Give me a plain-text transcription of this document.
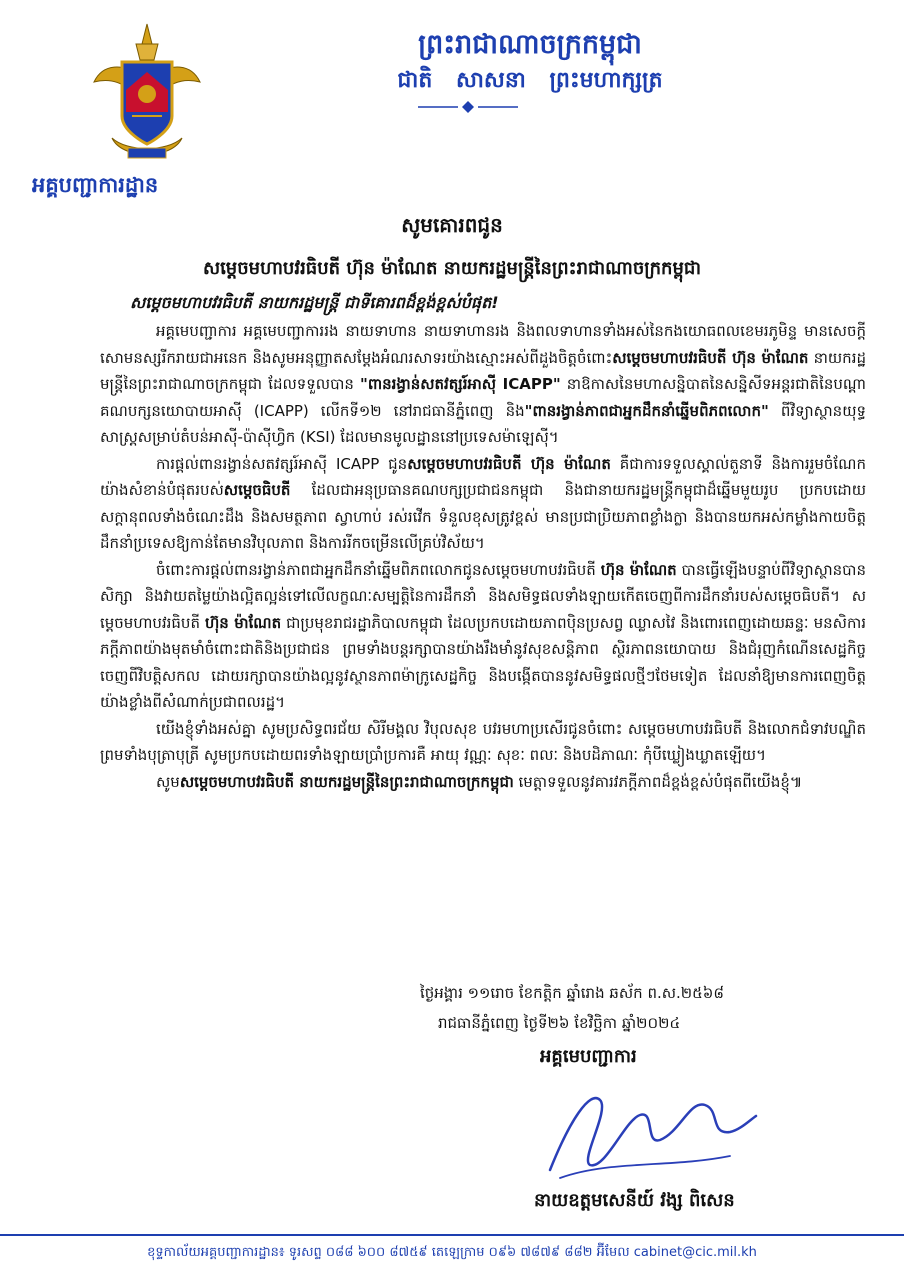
អគ្គបញ្ជាការដ្ឋាន
ព្រះរាជាណាចក្រកម្ពុជា
ជាតិ សាសនា ព្រះមហាក្សត្រ
សូមគោរពជូន
សម្តេចមហាបវរធិបតី ហ៊ុន ម៉ាណែត នាយករដ្ឋមន្ត្រីនៃព្រះរាជាណាចក្រកម្ពុជា
សម្តេចមហាបវរធិបតី នាយករដ្ឋមន្ត្រី ជាទីគោរពដ៏ខ្ពង់ខ្ពស់បំផុត!

អគ្គមេបញ្ជាការ អគ្គមេបញ្ជាការរង នាយទាហាន នាយទាហានរង និងពលទាហានទាំងអស់នៃកងយោធពលខេមរភូមិន្ទ មានសេចក្តីសោមនស្សរីករាយជាអនេក និងសូមអនុញ្ញាតសម្តែងអំណរសាទរយ៉ាងស្មោះអស់ពីដួងចិត្តចំពោះសម្តេចមហាបវរធិបតី ហ៊ុន ម៉ាណែត នាយករដ្ឋមន្ត្រីនៃព្រះរាជាណាចក្រកម្ពុជា ដែលទទួលបាន "ពានរង្វាន់សតវត្សរ៍អាស៊ី ICAPP" នាឱកាសនៃមហាសន្និបាតនៃសន្និសីទអន្តរជាតិនៃបណ្តាគណបក្សនយោបាយអាស៊ី (ICAPP) លើកទី១២ នៅរាជធានីភ្នំពេញ និង"ពានរង្វាន់ភាពជាអ្នកដឹកនាំឆ្នើមពិភពលោក" ពីវិទ្យាស្ថានយុទ្ធសាស្ត្រសម្រាប់តំបន់អាស៊ី-ប៉ាស៊ីហ្វិក (KSI) ដែលមានមូលដ្ឋាននៅប្រទេសម៉ាឡេស៊ី។

ការផ្តល់ពានរង្វាន់សតវត្សរ៍អាស៊ី ICAPP ជូនសម្តេចមហាបវរធិបតី ហ៊ុន ម៉ាណែត គឺជាការទទួលស្គាល់តួនាទី និងការរួមចំណែកយ៉ាងសំខាន់បំផុតរបស់សម្តេចធិបតី ដែលជាអនុប្រធានគណបក្សប្រជាជនកម្ពុជា និងជានាយករដ្ឋមន្ត្រីកម្ពុជាដ៏ឆ្នើមមួយរូប ប្រកបដោយសក្តានុពលទាំងចំណេះដឹង និងសមត្ថភាព ស្វាហាប់ រស់រវើក ទំនួលខុសត្រូវខ្ពស់ មានប្រជាប្រិយភាពខ្លាំងក្លា និងបានយកអស់កម្លាំងកាយចិត្ត ដឹកនាំប្រទេសឱ្យកាន់តែមានវិបុលភាព និងការរីកចម្រើនលើគ្រប់វិស័យ។

ចំពោះការផ្តល់ពានរង្វាន់ភាពជាអ្នកដឹកនាំឆ្នើមពិភពលោកជូនសម្តេចមហាបវរធិបតី ហ៊ុន ម៉ាណែត បានធ្វើឡើងបន្ទាប់ពីវិទ្យាស្ថានបានសិក្សា និងវាយតម្លៃយ៉ាងល្អិតល្អន់ទៅលើលក្ខណៈសម្បត្តិនៃការដឹកនាំ និងសមិទ្ធផលទាំងឡាយកើតចេញពីការដឹកនាំរបស់សម្តេចធិបតី។ សម្តេចមហាបវរធិបតី ហ៊ុន ម៉ាណែត ជាប្រមុខរាជរដ្ឋាភិបាលកម្ពុជា ដែលប្រកបដោយភាពប៉ិនប្រសព្វ ឈ្លាសវៃ និងពោរពេញដោយឆន្ទៈ មនសិការ ភក្តីភាពយ៉ាងមុតមាំចំពោះជាតិនិងប្រជាជន ព្រមទាំងបន្តរក្សាបានយ៉ាងរឹងមាំនូវសុខសន្តិភាព ស្ថិរភាពនយោបាយ និងជំរុញកំណើនសេដ្ឋកិច្ចចេញពីវិបត្តិសកល ដោយរក្សាបានយ៉ាងល្អនូវស្ថានភាពម៉ាក្រូសេដ្ឋកិច្ច និងបង្កើតបាននូវសមិទ្ធផលថ្មីៗថែមទៀត ដែលនាំឱ្យមានការពេញចិត្តយ៉ាងខ្លាំងពីសំណាក់ប្រជាពលរដ្ឋ។

យើងខ្ញុំទាំងអស់គ្នា សូមប្រសិទ្ធពរជ័យ សិរីមង្គល វិបុលសុខ បវរមហាប្រសើរជូនចំពោះ សម្តេចមហាបវរធិបតី និងលោកជំទាវបណ្ឌិត ព្រមទាំងបុត្រាបុត្រី សូមប្រកបដោយពរទាំងឡាយប្រាំប្រការគឺ អាយុ វណ្ណៈ សុខៈ ពលៈ និងបដិភាណៈ កុំបីឃ្លៀងឃ្លាតឡើយ។

សូមសម្តេចមហាបវរធិបតី នាយករដ្ឋមន្ត្រីនៃព្រះរាជាណាចក្រកម្ពុជា មេត្តាទទួលនូវគារវភក្តីភាពដ៏ខ្ពង់ខ្ពស់បំផុតពីយើងខ្ញុំ៕

ថ្ងៃអង្គារ ១១រោច ខែកត្តិក ឆ្នាំរោង ឆស័ក ព.ស.២៥៦៨
រាជធានីភ្នំពេញ ថ្ងៃទី២៦ ខែវិច្ឆិកា ឆ្នាំ២០២៤
អគ្គមេបញ្ជាការ
នាយឧត្តមសេនីយ៍ វង្ស ពិសេន
ខុទ្ទកាល័យអគ្គបញ្ជាការដ្ឋាន៖ ទូរសព្ទ ០៨៨ ៦០០ ៨៧៥៩ តេឡេក្រាម ០៩៦ ៧៨៧៩ ៨៨២ អ៊ីមែល cabinet@cic.mil.kh
